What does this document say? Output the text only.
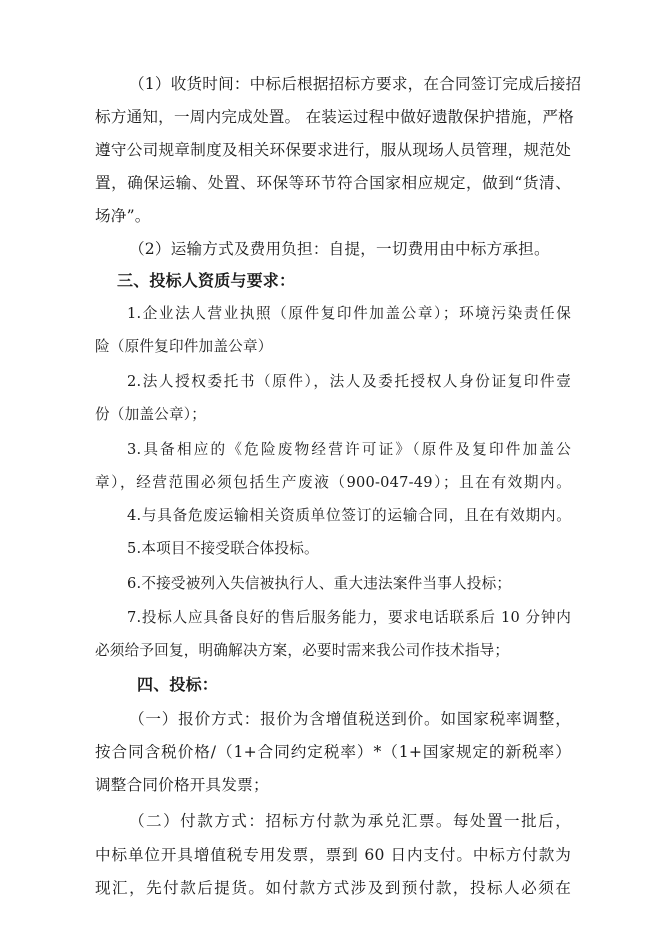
（1）收货时间：中标后根据招标方要求，在合同签订完成后接招
标方通知，一周内完成处置。 在装运过程中做好遗散保护措施，严格
遵守公司规章制度及相关环保要求进行，服从现场人员管理，规范处
置，确保运输、处置、环保等环节符合国家相应规定，做到“货清、
场净”。
（2）运输方式及费用负担：自提，一切费用由中标方承担。
三、投标人资质与要求：
1.企业法人营业执照（原件复印件加盖公章）；环境污染责任保
险（原件复印件加盖公章）
2.法人授权委托书（原件），法人及委托授权人身份证复印件壹
份（加盖公章）；
3.具备相应的《危险废物经营许可证》（原件及复印件加盖公
章），经营范围必须包括生产废液（900-047-49）；且在有效期内。
4.与具备危废运输相关资质单位签订的运输合同，且在有效期内。
5.本项目不接受联合体投标。
6.不接受被列入失信被执行人、重大违法案件当事人投标；
7.投标人应具备良好的售后服务能力，要求电话联系后 10 分钟内
必须给予回复，明确解决方案，必要时需来我公司作技术指导；
四、投标：
（一）报价方式：报价为含增值税送到价。如国家税率调整，
按合同含税价格/（1+合同约定税率）*（1+国家规定的新税率）
调整合同价格开具发票；
（二）付款方式：招标方付款为承兑汇票。每处置一批后，
中标单位开具增值税专用发票，票到 60 日内支付。中标方付款为
现汇，先付款后提货。如付款方式涉及到预付款，投标人必须在
